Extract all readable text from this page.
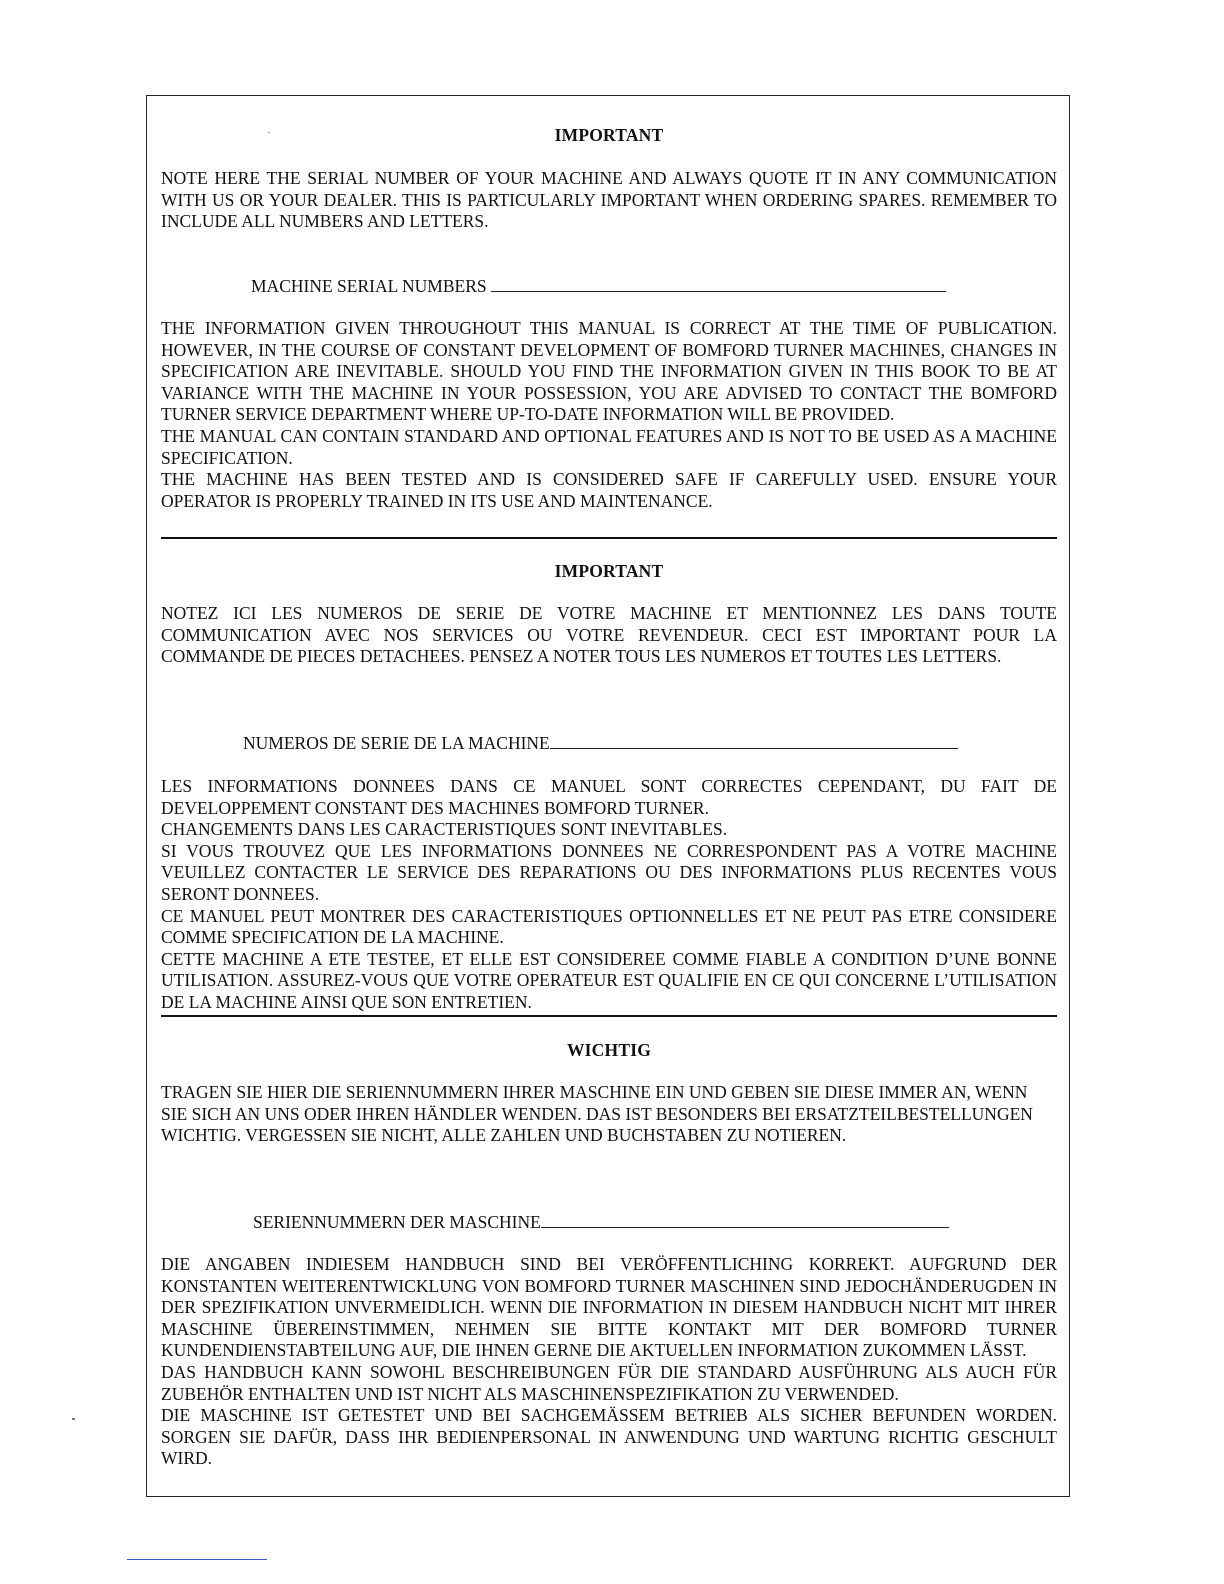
IMPORTANT

NOTE HERE THE SERIAL NUMBER OF YOUR MACHINE AND ALWAYS QUOTE IT IN ANY COMMUNICATION WITH US OR YOUR DEALER. THIS IS PARTICULARLY IMPORTANT WHEN ORDERING SPARES. REMEMBER TO INCLUDE ALL NUMBERS AND LETTERS.

MACHINE SERIAL NUMBERS

THE INFORMATION GIVEN THROUGHOUT THIS MANUAL IS CORRECT AT THE TIME OF PUBLICATION. HOWEVER, IN THE COURSE OF CONSTANT DEVELOPMENT OF BOMFORD TURNER MACHINES, CHANGES IN SPECIFICATION ARE INEVITABLE. SHOULD YOU FIND THE INFORMATION GIVEN IN THIS BOOK TO BE AT VARIANCE WITH THE MACHINE IN YOUR POSSESSION, YOU ARE ADVISED TO CONTACT THE BOMFORD TURNER SERVICE DEPARTMENT WHERE UP-TO-DATE INFORMATION WILL BE PROVIDED.

THE MANUAL CAN CONTAIN STANDARD AND OPTIONAL FEATURES AND IS NOT TO BE USED AS A MACHINE SPECIFICATION.

THE MACHINE HAS BEEN TESTED AND IS CONSIDERED SAFE IF CAREFULLY USED. ENSURE YOUR OPERATOR IS PROPERLY TRAINED IN ITS USE AND MAINTENANCE.

IMPORTANT

NOTEZ ICI LES NUMEROS DE SERIE DE VOTRE MACHINE ET MENTIONNEZ LES DANS TOUTE COMMUNICATION AVEC NOS SERVICES OU VOTRE REVENDEUR. CECI EST IMPORTANT POUR LA COMMANDE DE PIECES DETACHEES. PENSEZ A NOTER TOUS LES NUMEROS ET TOUTES LES LETTERS.

NUMEROS DE SERIE DE LA MACHINE

LES INFORMATIONS DONNEES DANS CE MANUEL SONT CORRECTES CEPENDANT, DU FAIT DE DEVELOPPEMENT CONSTANT DES MACHINES BOMFORD TURNER.

CHANGEMENTS DANS LES CARACTERISTIQUES SONT INEVITABLES.

SI VOUS TROUVEZ QUE LES INFORMATIONS DONNEES NE CORRESPONDENT PAS A VOTRE MACHINE VEUILLEZ CONTACTER LE SERVICE DES REPARATIONS OU DES INFORMATIONS PLUS RECENTES VOUS SERONT DONNEES.

CE MANUEL PEUT MONTRER DES CARACTERISTIQUES OPTIONNELLES ET NE PEUT PAS ETRE CONSIDERE COMME SPECIFICATION DE LA MACHINE.

CETTE MACHINE A ETE TESTEE, ET ELLE EST CONSIDEREE COMME FIABLE A CONDITION D’UNE BONNE UTILISATION. ASSUREZ-VOUS QUE VOTRE OPERATEUR EST QUALIFIE EN CE QUI CONCERNE L’UTILISATION DE LA MACHINE AINSI QUE SON ENTRETIEN.

WICHTIG

TRAGEN SIE HIER DIE SERIENNUMMERN IHRER MASCHINE EIN UND GEBEN SIE DIESE IMMER AN, WENN SIE SICH AN UNS ODER IHREN HÄNDLER WENDEN. DAS IST BESONDERS BEI ERSATZTEILBESTELLUNGEN WICHTIG. VERGESSEN SIE NICHT, ALLE ZAHLEN UND BUCHSTABEN ZU NOTIEREN.

SERIENNUMMERN DER MASCHINE

DIE ANGABEN INDIESEM HANDBUCH SIND BEI VERÖFFENTLICHING KORREKT. AUFGRUND DER KONSTANTEN WEITERENTWICKLUNG VON BOMFORD TURNER MASCHINEN SIND JEDOCHÄNDERUGDEN IN DER SPEZIFIKATION UNVERMEIDLICH. WENN DIE INFORMATION IN DIESEM HANDBUCH NICHT MIT IHRER MASCHINE ÜBEREINSTIMMEN, NEHMEN SIE BITTE KONTAKT MIT DER BOMFORD TURNER KUNDENDIENSTABTEILUNG AUF, DIE IHNEN GERNE DIE AKTUELLEN INFORMATION ZUKOMMEN LÄSST.

DAS HANDBUCH KANN SOWOHL BESCHREIBUNGEN FÜR DIE STANDARD AUSFÜHRUNG ALS AUCH FÜR ZUBEHÖR ENTHALTEN UND IST NICHT ALS MASCHINENSPEZIFIKATION ZU VERWENDED.

DIE MASCHINE IST GETESTET UND BEI SACHGEMÄSSEM BETRIEB ALS SICHER BEFUNDEN WORDEN. SORGEN SIE DAFÜR, DASS IHR BEDIENPERSONAL IN ANWENDUNG UND WARTUNG RICHTIG GESCHULT WIRD.
